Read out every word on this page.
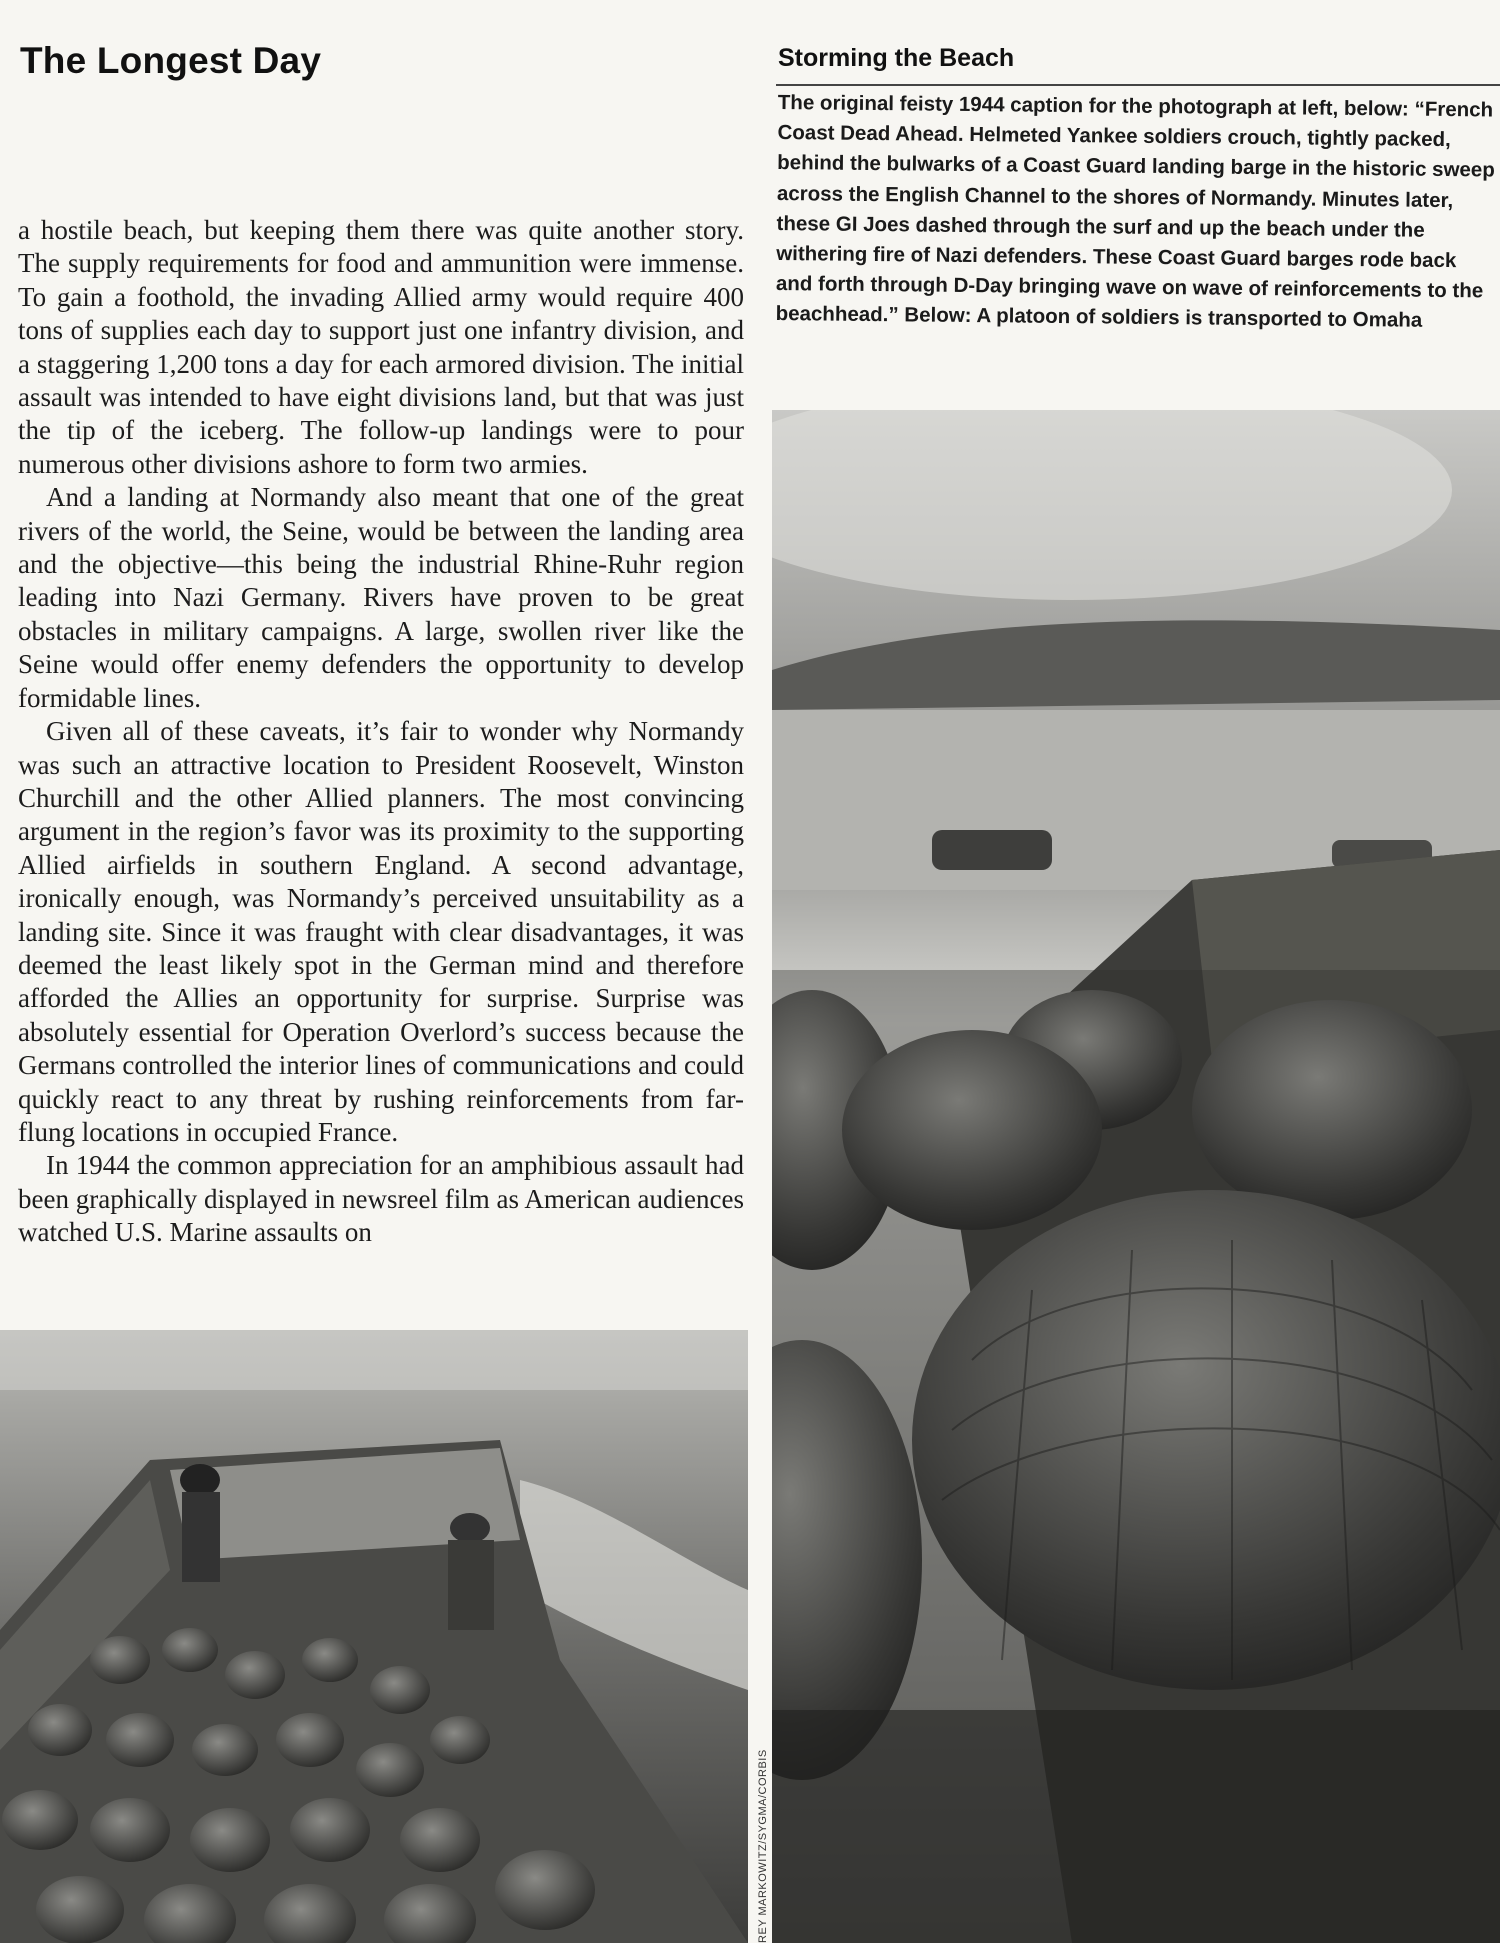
The Longest Day

a hostile beach, but keeping them there was quite another story. The supply requirements for food and ammunition were immense. To gain a foothold, the invading Allied army would require 400 tons of supplies each day to support just one infantry division, and a staggering 1,200 tons a day for each armored division. The initial assault was intended to have eight divisions land, but that was just the tip of the iceberg. The follow-up landings were to pour numerous other divisions ashore to form two armies.

And a landing at Normandy also meant that one of the great rivers of the world, the Seine, would be between the landing area and the objective—this being the industrial Rhine-Ruhr region leading into Nazi Germany. Rivers have proven to be great obstacles in military campaigns. A large, swollen river like the Seine would offer enemy defenders the opportunity to develop formidable lines.

Given all of these caveats, it’s fair to wonder why Normandy was such an attractive location to President Roosevelt, Winston Churchill and the other Allied planners. The most convincing argument in the region’s favor was its proximity to the supporting Allied airfields in southern England. A second advantage, ironically enough, was Normandy’s perceived unsuitability as a landing site. Since it was fraught with clear disadvantages, it was deemed the least likely spot in the German mind and therefore afforded the Allies an opportunity for surprise. Surprise was absolutely essential for Operation Overlord’s success because the Germans controlled the interior lines of communications and could quickly react to any threat by rushing reinforcements from far-flung locations in occupied France.

In 1944 the common appreciation for an amphibious assault had been graphically displayed in newsreel film as American audiences watched U.S. Marine assaults on

Storming the Beach
The original feisty 1944 caption for the photograph at left, below: “French Coast Dead Ahead. Helmeted Yankee soldiers crouch, tightly packed, behind the bulwarks of a Coast Guard landing barge in the historic sweep across the English Channel to the shores of Normandy. Minutes later, these GI Joes dashed through the surf and up the beach under the withering fire of Nazi defenders. These Coast Guard barges rode back and forth through D-Day bringing wave on wave of reinforcements to the beachhead.” Below: A platoon of soldiers is transported to Omaha
REY MARKOWITZ/SYGMA/CORBIS
